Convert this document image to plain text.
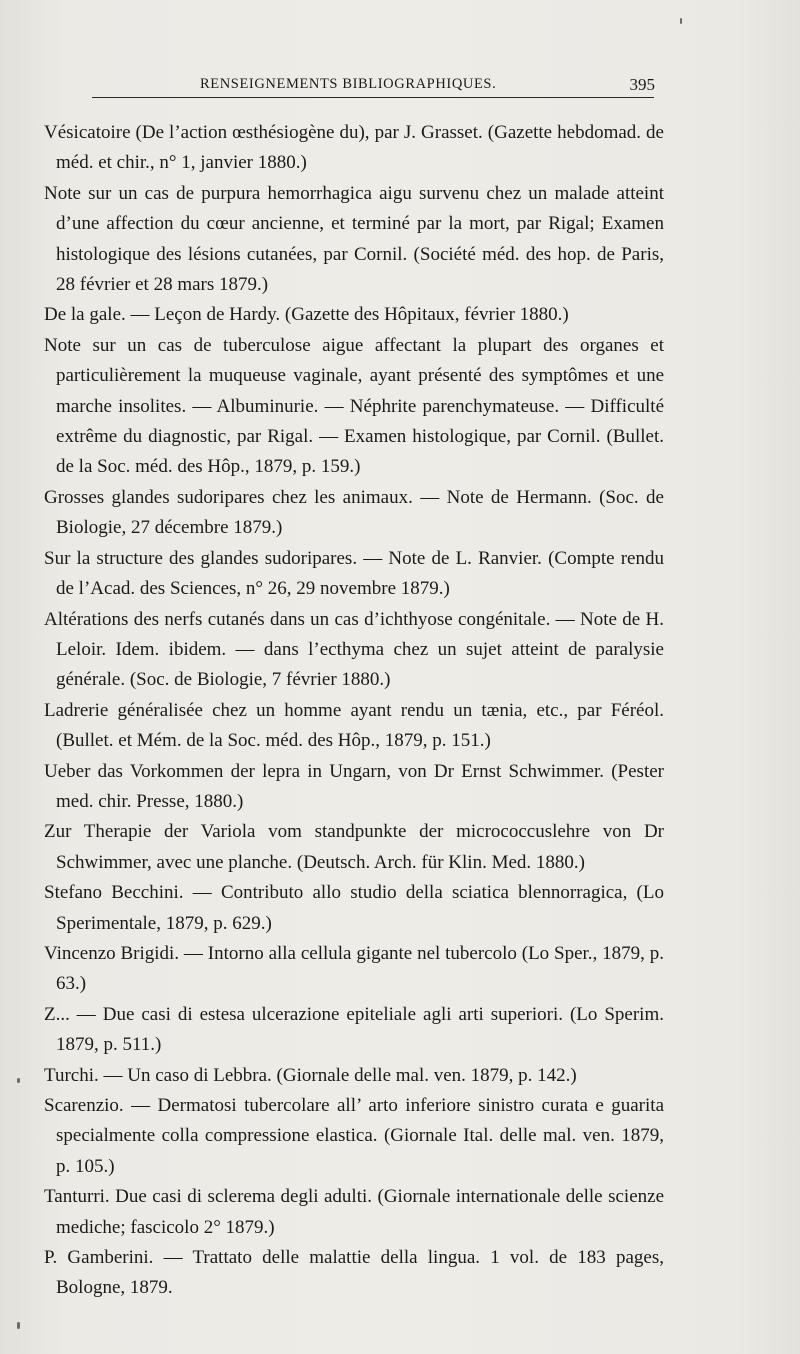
RENSEIGNEMENTS BIBLIOGRAPHIQUES.	395

Vésicatoire (De l’action œsthésiogène du), par J. Grasset. (Gazette hebdomad. de méd. et chir., n° 1, janvier 1880.)

Note sur un cas de purpura hemorrhagica aigu survenu chez un malade atteint d’une affection du cœur ancienne, et terminé par la mort, par Rigal; Examen histologique des lésions cutanées, par Cornil. (Société méd. des hop. de Paris, 28 février et 28 mars 1879.)

De la gale. — Leçon de Hardy. (Gazette des Hôpitaux, février 1880.)

Note sur un cas de tuberculose aigue affectant la plupart des organes et particulièrement la muqueuse vaginale, ayant présenté des symptômes et une marche insolites. — Albuminurie. — Néphrite parenchymateuse. — Difficulté extrême du diagnostic, par Rigal. — Examen histologique, par Cornil. (Bullet. de la Soc. méd. des Hôp., 1879, p. 159.)

Grosses glandes sudoripares chez les animaux. — Note de Hermann. (Soc. de Biologie, 27 décembre 1879.)

Sur la structure des glandes sudoripares. — Note de L. Ranvier. (Compte rendu de l’Acad. des Sciences, n° 26, 29 novembre 1879.)

Altérations des nerfs cutanés dans un cas d’ichthyose congénitale. — Note de H. Leloir. Idem. ibidem. — dans l’ecthyma chez un sujet atteint de paralysie générale. (Soc. de Biologie, 7 février 1880.)

Ladrerie généralisée chez un homme ayant rendu un tænia, etc., par Féréol. (Bullet. et Mém. de la Soc. méd. des Hôp., 1879, p. 151.)

Ueber das Vorkommen der lepra in Ungarn, von Dr Ernst Schwimmer. (Pester med. chir. Presse, 1880.)

Zur Therapie der Variola vom standpunkte der micrococcuslehre von Dr Schwimmer, avec une planche. (Deutsch. Arch. für Klin. Med. 1880.)

Stefano Becchini. — Contributo allo studio della sciatica blennorragica, (Lo Sperimentale, 1879, p. 629.)

Vincenzo Brigidi. — Intorno alla cellula gigante nel tubercolo (Lo Sper., 1879, p. 63.)

Z... — Due casi di estesa ulcerazione epiteliale agli arti superiori. (Lo Sperim. 1879, p. 511.)

Turchi. — Un caso di Lebbra. (Giornale delle mal. ven. 1879, p. 142.)

Scarenzio. — Dermatosi tubercolare all’ arto inferiore sinistro curata e guarita specialmente colla compressione elastica. (Giornale Ital. delle mal. ven. 1879, p. 105.)

Tanturri. Due casi di sclerema degli adulti. (Giornale internationale delle scienze mediche; fascicolo 2° 1879.)

P. Gamberini. — Trattato delle malattie della lingua. 1 vol. de 183 pages, Bologne, 1879.
